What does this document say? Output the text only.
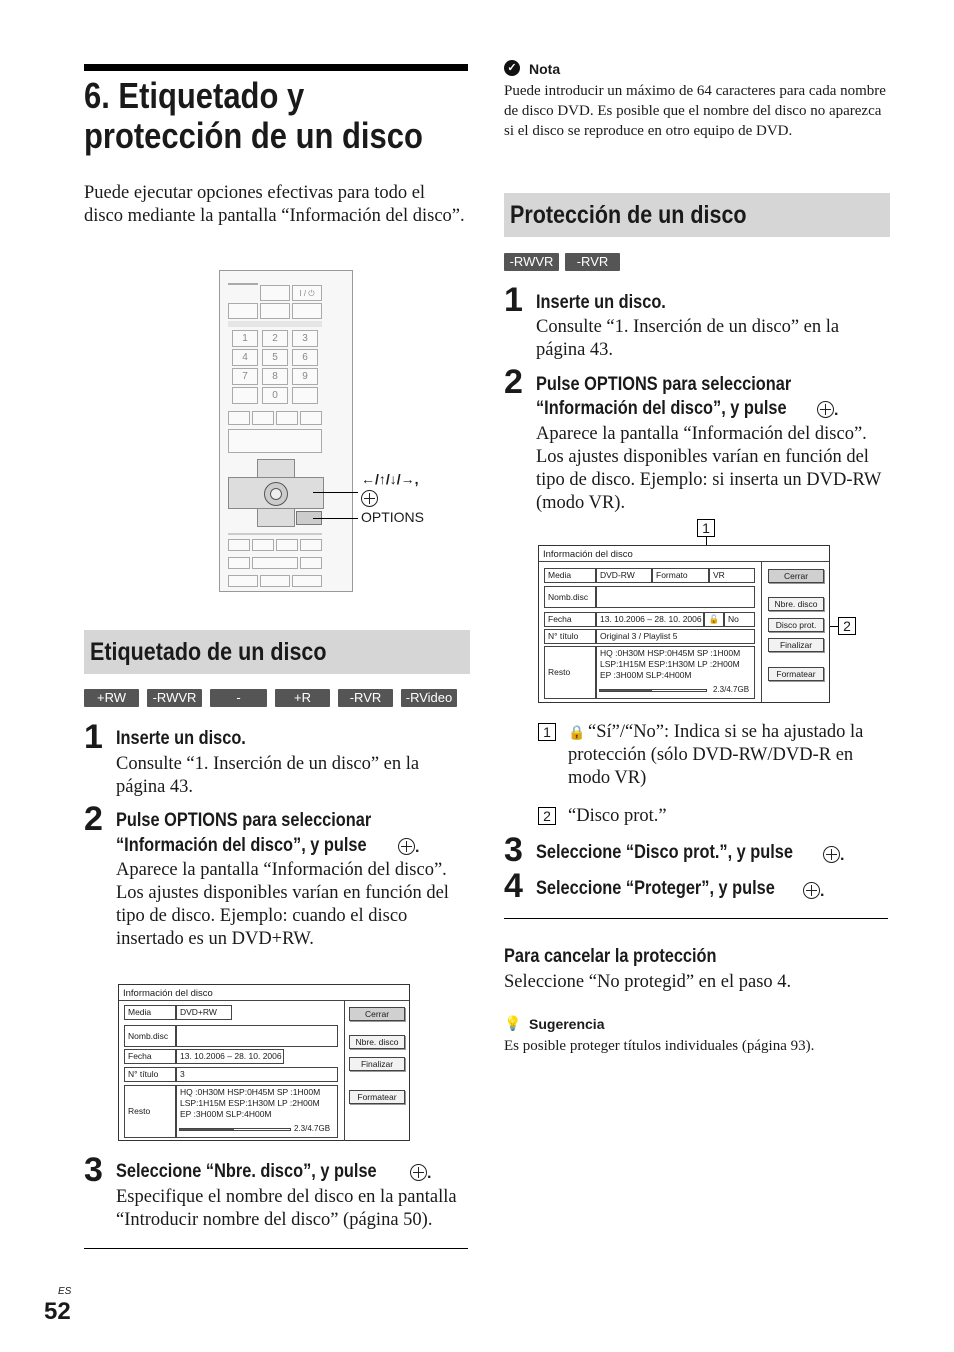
6. Etiquetado y protección de un disco
Puede ejecutar opciones efectivas para todo el disco mediante la pantalla “Información del disco”.
I / ⏻
1	2	3
4	5	6
7	8	9
0
←/↑/↓/→,
OPTIONS
Etiquetado de un disco
+RW	-RWVR	-RWVideo
+R	-RVR	-RVideo
1 Inserte un disco.
Consulte “1. Inserción de un disco” en la página 43.
2 Pulse OPTIONS para seleccionar
“Información del disco”, y pulse	.
Aparece la pantalla “Información del disco”. Los ajustes disponibles varían en función del tipo de disco. Ejemplo: cuando el disco insertado es un DVD+RW.
Información del disco
Media	DVD+RW
Nomb.disc
Fecha	13. 10.2006 – 28. 10. 2006
N° título	3
Resto
HQ :0H30M HSP:0H45M SP :1H00M
LSP:1H15M ESP:1H30M LP :2H00M
EP :3H00M SLP:4H00M
2.3/4.7GB
Cerrar
Nbre. disco
Finalizar
Formatear
3 Seleccione “Nbre. disco”, y pulse	.
Especifique el nombre del disco en la pantalla “Introducir nombre del disco” (página 50).
ES
52
✓ Nota
Puede introducir un máximo de 64 caracteres para cada nombre de disco DVD. Es posible que el nombre del disco no aparezca si el disco se reproduce en otro equipo de DVD.
Protección de un disco
-RWVR	-RVR
1 Inserte un disco.
Consulte “1. Inserción de un disco” en la página 43.
2 Pulse OPTIONS para seleccionar
“Información del disco”, y pulse	.
Aparece la pantalla “Información del disco”. Los ajustes disponibles varían en función del tipo de disco. Ejemplo: si inserta un DVD-RW (modo VR).
1
2
Información del disco
Media	DVD-RW	Formato	VR
Nomb.disc
Fecha	13. 10.2006 – 28. 10. 2006 🔓	No
N° título	Original 3 / Playlist 5
Resto
HQ :0H30M HSP:0H45M SP :1H00M
LSP:1H15M ESP:1H30M LP :2H00M
EP :3H00M SLP:4H00M
2.3/4.7GB
Cerrar
Nbre. disco
Disco prot.
Finalizar
Formatear
1	🔒 “Sí”/“No”: Indica si se ha ajustado la protección (sólo DVD-RW/DVD-R en modo VR)
2 “Disco prot.”
3 Seleccione “Disco prot.”, y pulse	.
4 Seleccione “Proteger”, y pulse	.
Para cancelar la protección
Seleccione “No protegid” en el paso 4.
💡 Sugerencia
Es posible proteger títulos individuales (página 93).
